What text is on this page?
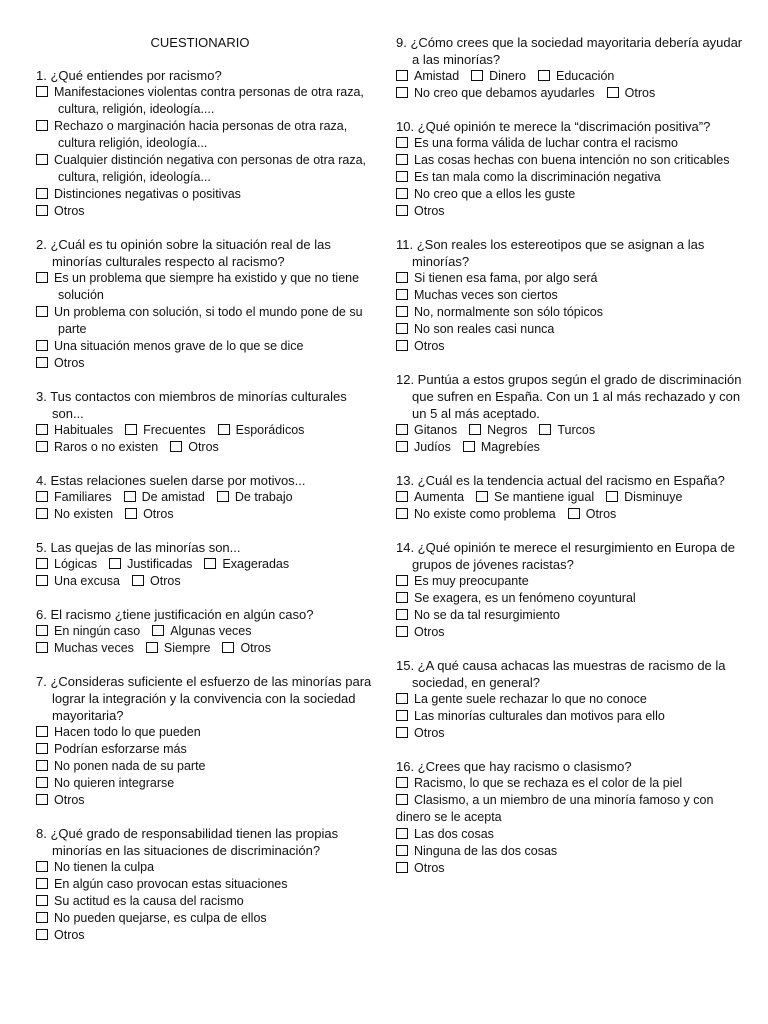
CUESTIONARIO
1. ¿Qué entiendes por racismo?
Manifestaciones violentas contra personas de otra raza, cultura, religión, ideología....
Rechazo o marginación hacia personas de otra raza, cultura religión, ideología...
Cualquier distinción negativa con personas de otra raza, cultura, religión, ideología...
Distinciones negativas o positivas
Otros
2. ¿Cuál es tu opinión sobre la situación real de las minorías culturales respecto al racismo?
Es un problema que siempre ha existido y que no tiene solución
Un problema con solución, si todo el mundo pone de su parte
Una situación menos grave de lo que se dice
Otros
3. Tus contactos con miembros de minorías culturales son...
Habituales Frecuentes Esporádicos
Raros o no existen Otros
4. Estas relaciones suelen darse por motivos...
Familiares De amistad De trabajo
No existen Otros
5. Las quejas de las minorías son...
Lógicas Justificadas Exageradas
Una excusa Otros
6. El racismo ¿tiene justificación en algún caso?
En ningún caso Algunas veces
Muchas veces Siempre Otros
7. ¿Consideras suficiente el esfuerzo de las minorías para lograr la integración y la convivencia con la sociedad mayoritaria?
Hacen todo lo que pueden
Podrían esforzarse más
No ponen nada de su parte
No quieren integrarse
Otros
8. ¿Qué grado de responsabilidad tienen las propias minorías en las situaciones de discriminación?
No tienen la culpa
En algún caso provocan estas situaciones
Su actitud es la causa del racismo
No pueden quejarse, es culpa de ellos
Otros
9. ¿Cómo crees que la sociedad mayoritaria debería ayudar a las minorías?
Amistad Dinero Educación
No creo que debamos ayudarles Otros
10. ¿Qué opinión te merece la “discrimación positiva”?
Es una forma válida de luchar contra el racismo
Las cosas hechas con buena intención no son criticables
Es tan mala como la discriminación negativa
No creo que a ellos les guste
Otros
11. ¿Son reales los estereotipos que se asignan a las minorías?
Si tienen esa fama, por algo será
Muchas veces son ciertos
No, normalmente son sólo tópicos
No son reales casi nunca
Otros
12. Puntúa a estos grupos según el grado de discriminación que sufren en España. Con un 1 al más rechazado y con un 5 al más aceptado.
Gitanos Negros Turcos
Judíos Magrebíes
13. ¿Cuál es la tendencia actual del racismo en España?
Aumenta Se mantiene igual Disminuye
No existe como problema Otros
14. ¿Qué opinión te merece el resurgimiento en Europa de grupos de jóvenes racistas?
Es muy preocupante
Se exagera, es un fenómeno coyuntural
No se da tal resurgimiento
Otros
15. ¿A qué causa achacas las muestras de racismo de la sociedad, en general?
La gente suele rechazar lo que no conoce
Las minorías culturales dan motivos para ello
Otros
16. ¿Crees que hay racismo o clasismo?
Racismo, lo que se rechaza es el color de la piel
Clasismo, a un miembro de una minoría famoso y con dinero se le acepta
Las dos cosas
Ninguna de las dos cosas
Otros
